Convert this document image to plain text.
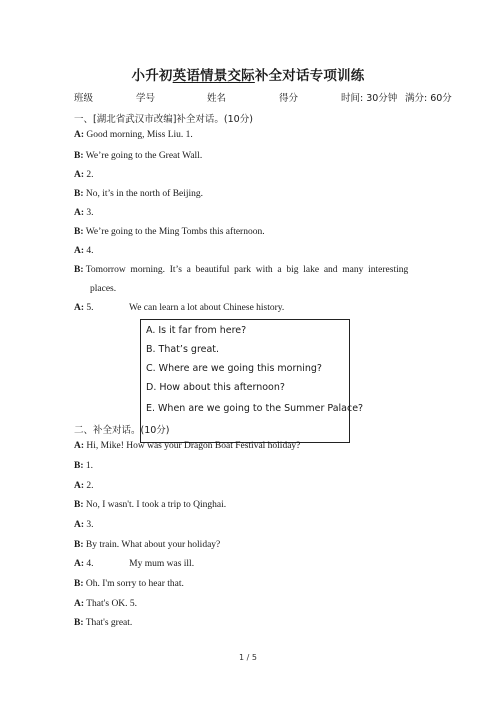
小升初英语情景交际补全对话专项训练
班级	学号	姓名	得分	时间: 30分钟 满分: 60分
一、[湖北省武汉市改编]补全对话。(10分)
A: Good morning, Miss Liu. 1.
B: We’re going to the Great Wall.
A: 2.
B: No, it’s in the north of Beijing.
A: 3.
B: We’re going to the Ming Tombs this afternoon.
A: 4.
B: Tomorrow  morning.  It’s  a  beautiful  park  with  a  big  lake  and  many  interesting
places.
A: 5.               We can learn a lot about Chinese history.
A. Is it far from here?
B. That’s great.
C. Where are we going this morning?
D. How about this afternoon?
E. When are we going to the Summer Palace?
二、补全对话。(10分)
A: Hi, Mike! How was your Dragon Boat Festival holiday?
B: 1.
A: 2.
B: No, I wasn't. I took a trip to Qinghai.
A: 3.
B: By train. What about your holiday?
A: 4.               My mum was ill.
B: Oh. I'm sorry to hear that.
A: That's OK. 5.
B: That's great.
1 / 5
